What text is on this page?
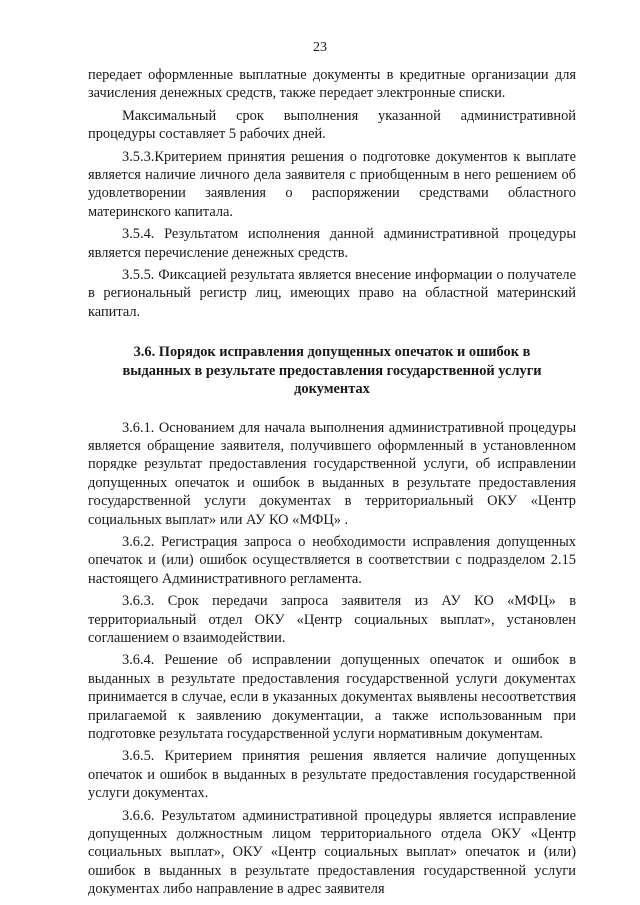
23

передает оформленные выплатные документы в кредитные организации для зачисления денежных средств, также передает электронные списки.

Максимальный срок выполнения указанной административной процедуры составляет 5 рабочих дней.

3.5.3.Критерием принятия решения о подготовке документов к выплате является наличие личного дела заявителя с приобщенным в него решением об удовлетворении заявления о распоряжении средствами областного материнского капитала.

3.5.4. Результатом исполнения данной административной процедуры является перечисление денежных средств.

3.5.5. Фиксацией результата является внесение информации о получателе в региональный регистр лиц, имеющих право на областной материнский капитал.

3.6. Порядок исправления допущенных опечаток и ошибок в выданных в результате предоставления государственной услуги документах

3.6.1. Основанием для начала выполнения административной процедуры является обращение заявителя, получившего оформленный в установленном порядке результат предоставления государственной услуги, об исправлении допущенных опечаток и ошибок в выданных в результате предоставления государственной услуги документах в территориальный ОКУ «Центр социальных выплат» или АУ КО «МФЦ» .

3.6.2. Регистрация запроса о необходимости исправления допущенных опечаток и (или) ошибок осуществляется в соответствии с подразделом 2.15 настоящего Административного регламента.

3.6.3. Срок передачи запроса заявителя из АУ КО «МФЦ» в территориальный отдел ОКУ «Центр социальных выплат», установлен соглашением о взаимодействии.

3.6.4. Решение об исправлении допущенных опечаток и ошибок в выданных в результате предоставления государственной услуги документах принимается в случае, если в указанных документах выявлены несоответствия прилагаемой к заявлению документации, а также использованным при подготовке результата государственной услуги нормативным документам.

3.6.5. Критерием принятия решения является наличие допущенных опечаток и ошибок в выданных в результате предоставления государственной услуги документах.

3.6.6. Результатом административной процедуры является исправление допущенных должностным лицом территориального отдела ОКУ «Центр социальных выплат», ОКУ «Центр социальных выплат» опечаток и (или) ошибок в выданных в результате предоставления государственной услуги документах либо направление в адрес заявителя
